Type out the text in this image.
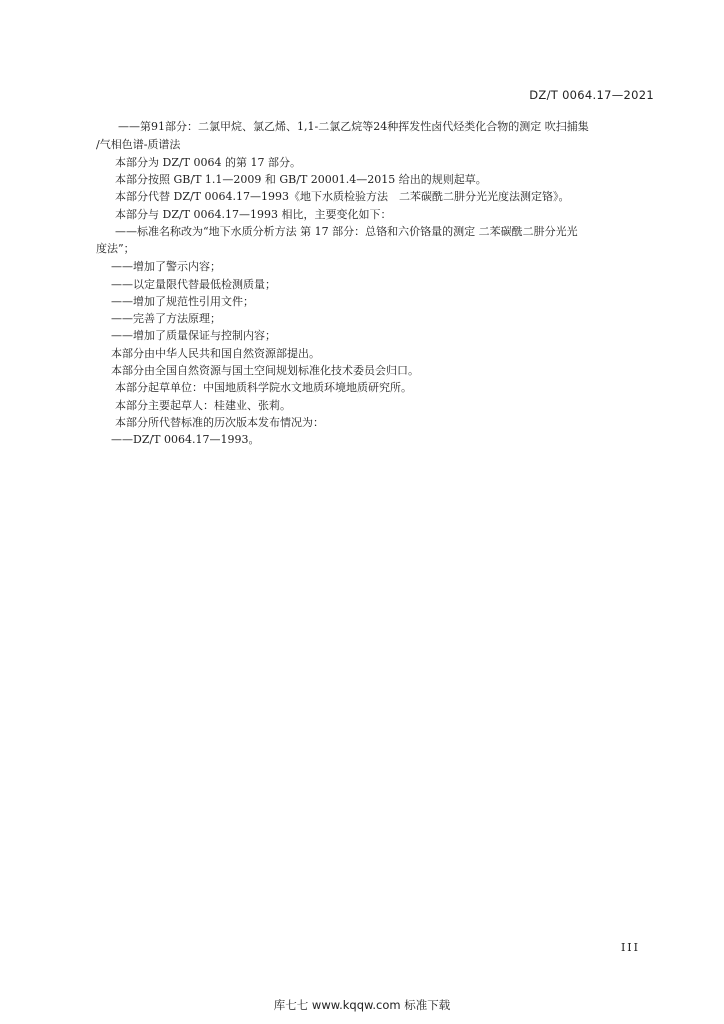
DZ/T 0064.17—2021
——第91部分：二氯甲烷、氯乙烯、1,1-二氯乙烷等24种挥发性卤代烃类化合物的测定 吹扫捕集
/气相色谱-质谱法
本部分为 DZ/T 0064 的第 17 部分。
本部分按照 GB/T 1.1—2009 和 GB/T 20001.4—2015 给出的规则起草。
本部分代替 DZ/T 0064.17—1993《地下水质检验方法　二苯碳酰二肼分光光度法测定铬》。
本部分与 DZ/T 0064.17—1993 相比，主要变化如下：
——标准名称改为“地下水质分析方法 第 17 部分：总铬和六价铬量的测定 二苯碳酰二肼分光光
度法”；
——增加了警示内容；
——以定量限代替最低检测质量；
——增加了规范性引用文件；
——完善了方法原理；
——增加了质量保证与控制内容；
本部分由中华人民共和国自然资源部提出。
本部分由全国自然资源与国土空间规划标准化技术委员会归口。
本部分起草单位：中国地质科学院水文地质环境地质研究所。
本部分主要起草人：桂建业、张莉。
本部分所代替标准的历次版本发布情况为：
——DZ/T 0064.17—1993。
III
库七七 www.kqqw.com 标准下载
